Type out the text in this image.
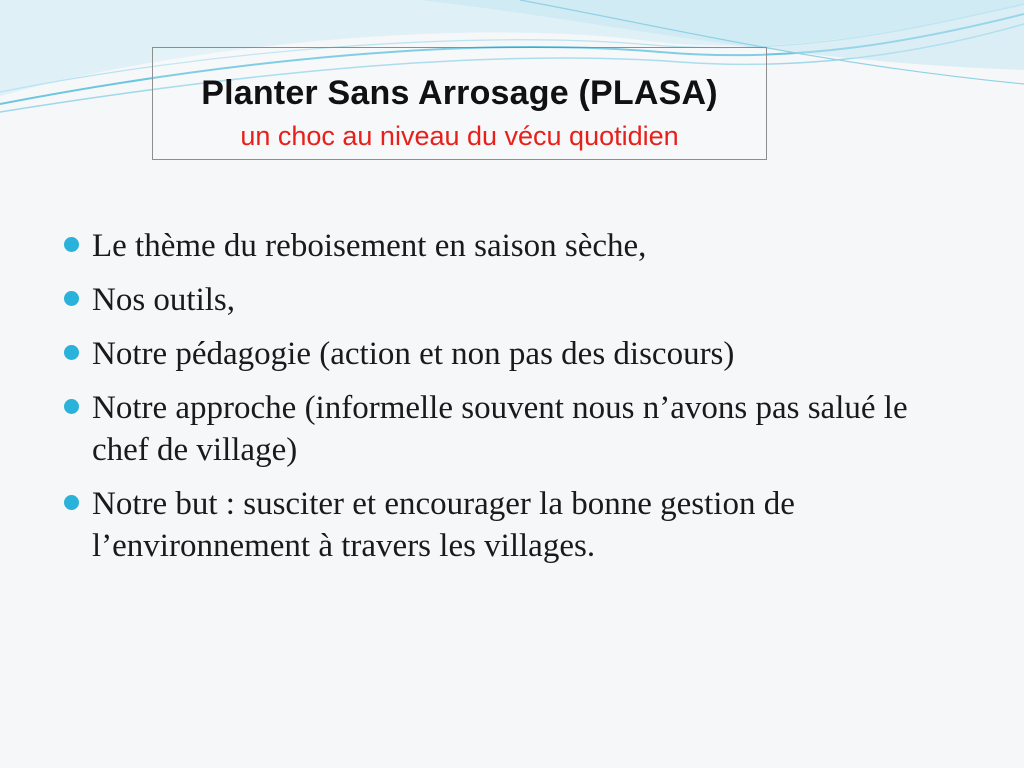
Planter Sans Arrosage (PLASA)
un choc au niveau du vécu quotidien
Le thème du reboisement en saison sèche,
Nos outils,
Notre pédagogie (action et non pas des discours)
Notre approche (informelle souvent nous n’avons pas salué le chef de village)
Notre but : susciter et encourager la bonne gestion de l’environnement à travers les villages.
